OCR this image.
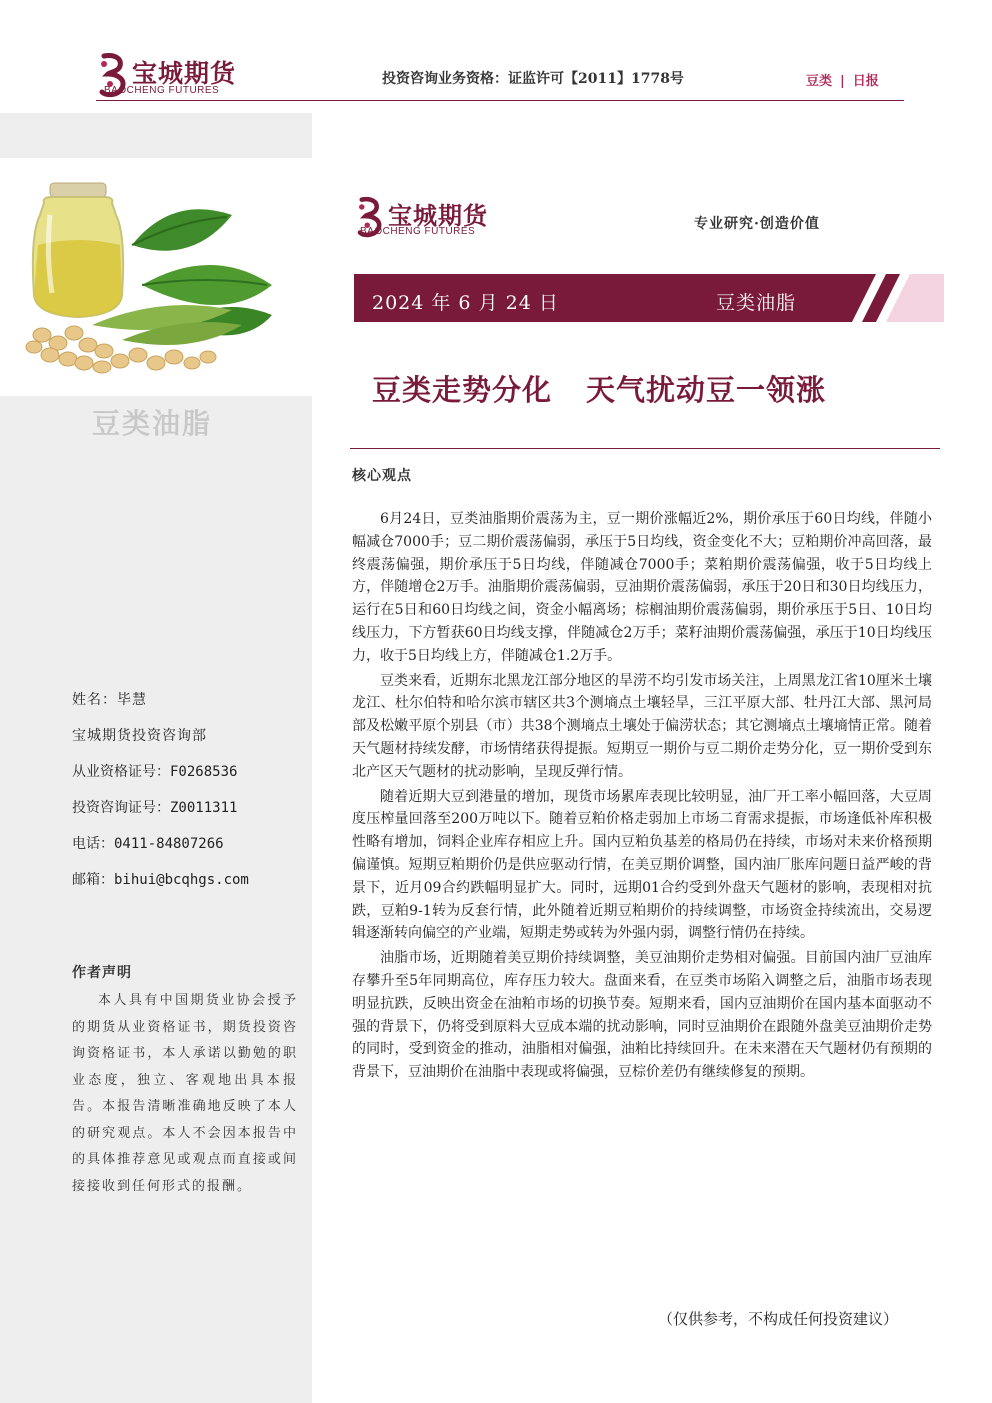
宝城期货
BAOCHENG FUTURES
投资咨询业务资格：证监许可【2011】1778号	豆类 | 日报
豆类油脂
姓名：毕慧
宝城期货投资咨询部
从业资格证号：F0268536
投资咨询证号：Z0011311
电话：0411-84807266
邮箱：bihui@bcqhgs.com
作者声明
本人具有中国期货业协会授予的期货从业资格证书，期货投资咨询资格证书，本人承诺以勤勉的职业态度，独立、客观地出具本报告。本报告清晰准确地反映了本人的研究观点。本人不会因本报告中的具体推荐意见或观点而直接或间接接收到任何形式的报酬。
宝城期货
BAOCHENG FUTURES	专业研究·创造价值
2024 年 6 月 24 日	豆类油脂
豆类走势分化 天气扰动豆一领涨
核心观点

6月24日，豆类油脂期价震荡为主，豆一期价涨幅近2%，期价承压于60日均线，伴随小幅减仓7000手；豆二期价震荡偏弱，承压于5日均线，资金变化不大；豆粕期价冲高回落，最终震荡偏强，期价承压于5日均线，伴随减仓7000手；菜粕期价震荡偏强，收于5日均线上方，伴随增仓2万手。油脂期价震荡偏弱，豆油期价震荡偏弱，承压于20日和30日均线压力，运行在5日和60日均线之间，资金小幅离场；棕榈油期价震荡偏弱，期价承压于5日、10日均线压力，下方暂获60日均线支撑，伴随减仓2万手；菜籽油期价震荡偏强，承压于10日均线压力，收于5日均线上方，伴随减仓1.2万手。

豆类来看，近期东北黑龙江部分地区的旱涝不均引发市场关注，上周黑龙江省10厘米土壤龙江、杜尔伯特和哈尔滨市辖区共3个测墒点土壤轻旱，三江平原大部、牡丹江大部、黑河局部及松嫩平原个别县（市）共38个测墒点土壤处于偏涝状态；其它测墒点土壤墒情正常。随着天气题材持续发酵，市场情绪获得提振。短期豆一期价与豆二期价走势分化，豆一期价受到东北产区天气题材的扰动影响，呈现反弹行情。

随着近期大豆到港量的增加，现货市场累库表现比较明显，油厂开工率小幅回落，大豆周度压榨量回落至200万吨以下。随着豆粕价格走弱加上市场二育需求提振，市场逢低补库积极性略有增加，饲料企业库存相应上升。国内豆粕负基差的格局仍在持续，市场对未来价格预期偏谨慎。短期豆粕期价仍是供应驱动行情，在美豆期价调整，国内油厂胀库问题日益严峻的背景下，近月09合约跌幅明显扩大。同时，远期01合约受到外盘天气题材的影响，表现相对抗跌，豆粕9-1转为反套行情，此外随着近期豆粕期价的持续调整，市场资金持续流出，交易逻辑逐渐转向偏空的产业端，短期走势或转为外强内弱，调整行情仍在持续。

油脂市场，近期随着美豆期价持续调整，美豆油期价走势相对偏强。目前国内油厂豆油库存攀升至5年同期高位，库存压力较大。盘面来看，在豆类市场陷入调整之后，油脂市场表现明显抗跌，反映出资金在油粕市场的切换节奏。短期来看，国内豆油期价在国内基本面驱动不强的背景下，仍将受到原料大豆成本端的扰动影响，同时豆油期价在跟随外盘美豆油期价走势的同时，受到资金的推动，油脂相对偏强，油粕比持续回升。在未来潜在天气题材仍有预期的背景下，豆油期价在油脂中表现或将偏强，豆棕价差仍有继续修复的预期。

（仅供参考，不构成任何投资建议）
